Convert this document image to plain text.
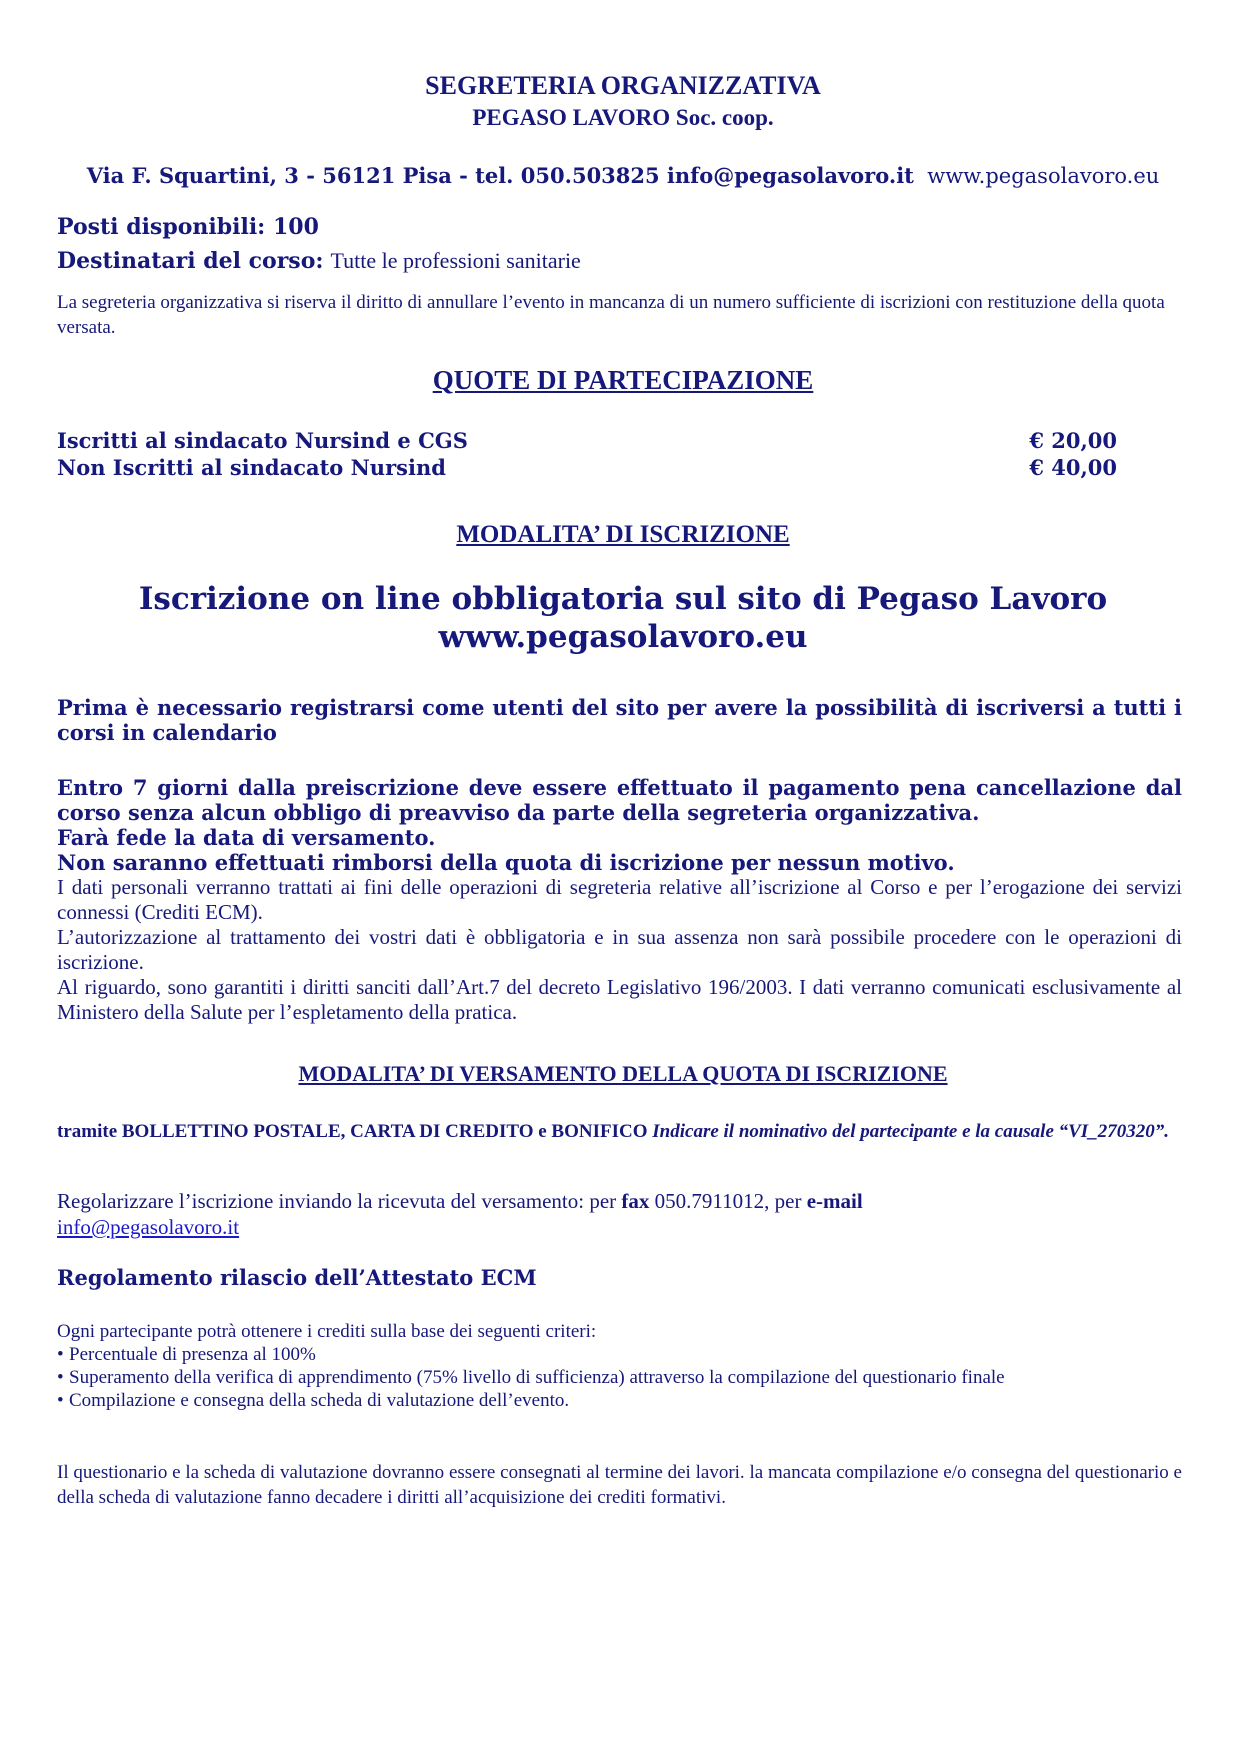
SEGRETERIA ORGANIZZATIVA
PEGASO LAVORO Soc. coop.
Via F. Squartini, 3 - 56121 Pisa - tel. 050.503825 info@pegasolavoro.it www.pegasolavoro.eu
Posti disponibili: 100
Destinatari del corso: Tutte le professioni sanitarie
La segreteria organizzativa si riserva il diritto di annullare l’evento in mancanza di un numero sufficiente di iscrizioni con restituzione della quota versata.
QUOTE DI PARTECIPAZIONE
Iscritti al sindacato Nursind e CGS	€ 20,00
Non Iscritti al sindacato Nursind	€ 40,00
MODALITA’ DI ISCRIZIONE
Iscrizione on line obbligatoria sul sito di Pegaso Lavoro
www.pegasolavoro.eu
Prima è necessario registrarsi come utenti del sito per avere la possibilità di iscriversi a tutti i corsi in calendario
Entro 7 giorni dalla preiscrizione deve essere effettuato il pagamento pena cancellazione dal corso senza alcun obbligo di preavviso da parte della segreteria organizzativa.
Farà fede la data di versamento.
Non saranno effettuati rimborsi della quota di iscrizione per nessun motivo.
I dati personali verranno trattati ai fini delle operazioni di segreteria relative all’iscrizione al Corso e per l’erogazione dei servizi connessi (Crediti ECM).
L’autorizzazione al trattamento dei vostri dati è obbligatoria e in sua assenza non sarà possibile procedere con le operazioni di iscrizione.
Al riguardo, sono garantiti i diritti sanciti dall’Art.7 del decreto Legislativo 196/2003. I dati verranno comunicati esclusivamente al Ministero della Salute per l’espletamento della pratica.
MODALITA’ DI VERSAMENTO DELLA QUOTA DI ISCRIZIONE
tramite BOLLETTINO POSTALE, CARTA DI CREDITO e BONIFICO Indicare il nominativo del partecipante e la causale “VI_270320”.
Regolarizzare l’iscrizione inviando la ricevuta del versamento: per fax 050.7911012, per e-mail
info@pegasolavoro.it
Regolamento rilascio dell’Attestato ECM
Ogni partecipante potrà ottenere i crediti sulla base dei seguenti criteri:
• Percentuale di presenza al 100%
• Superamento della verifica di apprendimento (75% livello di sufficienza) attraverso la compilazione del questionario finale
• Compilazione e consegna della scheda di valutazione dell’evento.
Il questionario e la scheda di valutazione dovranno essere consegnati al termine dei lavori. la mancata compilazione e/o consegna del questionario e della scheda di valutazione fanno decadere i diritti all’acquisizione dei crediti formativi.
